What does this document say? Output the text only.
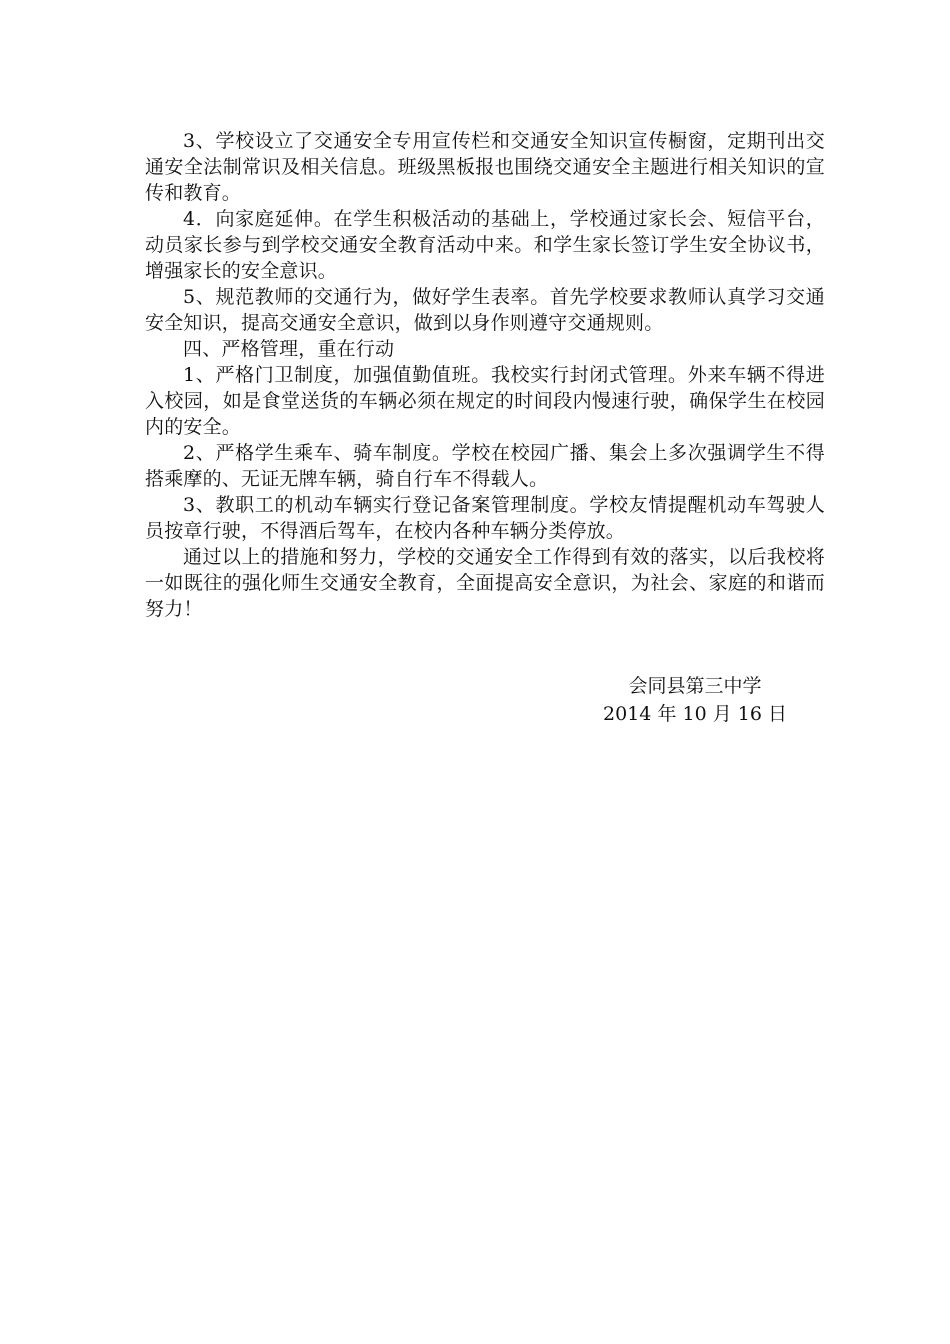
3、学校设立了交通安全专用宣传栏和交通安全知识宣传橱窗，定期刊出交通安全法制常识及相关信息。班级黑板报也围绕交通安全主题进行相关知识的宣传和教育。

4．向家庭延伸。在学生积极活动的基础上，学校通过家长会、短信平台，动员家长参与到学校交通安全教育活动中来。和学生家长签订学生安全协议书，增强家长的安全意识。

5、规范教师的交通行为，做好学生表率。首先学校要求教师认真学习交通安全知识，提高交通安全意识，做到以身作则遵守交通规则。

四、严格管理，重在行动

1、严格门卫制度，加强值勤值班。我校实行封闭式管理。外来车辆不得进入校园，如是食堂送货的车辆必须在规定的时间段内慢速行驶，确保学生在校园内的安全。

2、严格学生乘车、骑车制度。学校在校园广播、集会上多次强调学生不得搭乘摩的、无证无牌车辆，骑自行车不得载人。

3、教职工的机动车辆实行登记备案管理制度。学校友情提醒机动车驾驶人员按章行驶，不得酒后驾车，在校内各种车辆分类停放。

通过以上的措施和努力，学校的交通安全工作得到有效的落实，以后我校将一如既往的强化师生交通安全教育，全面提高安全意识，为社会、家庭的和谐而努力！

会同县第三中学
2014 年 10 月 16 日
